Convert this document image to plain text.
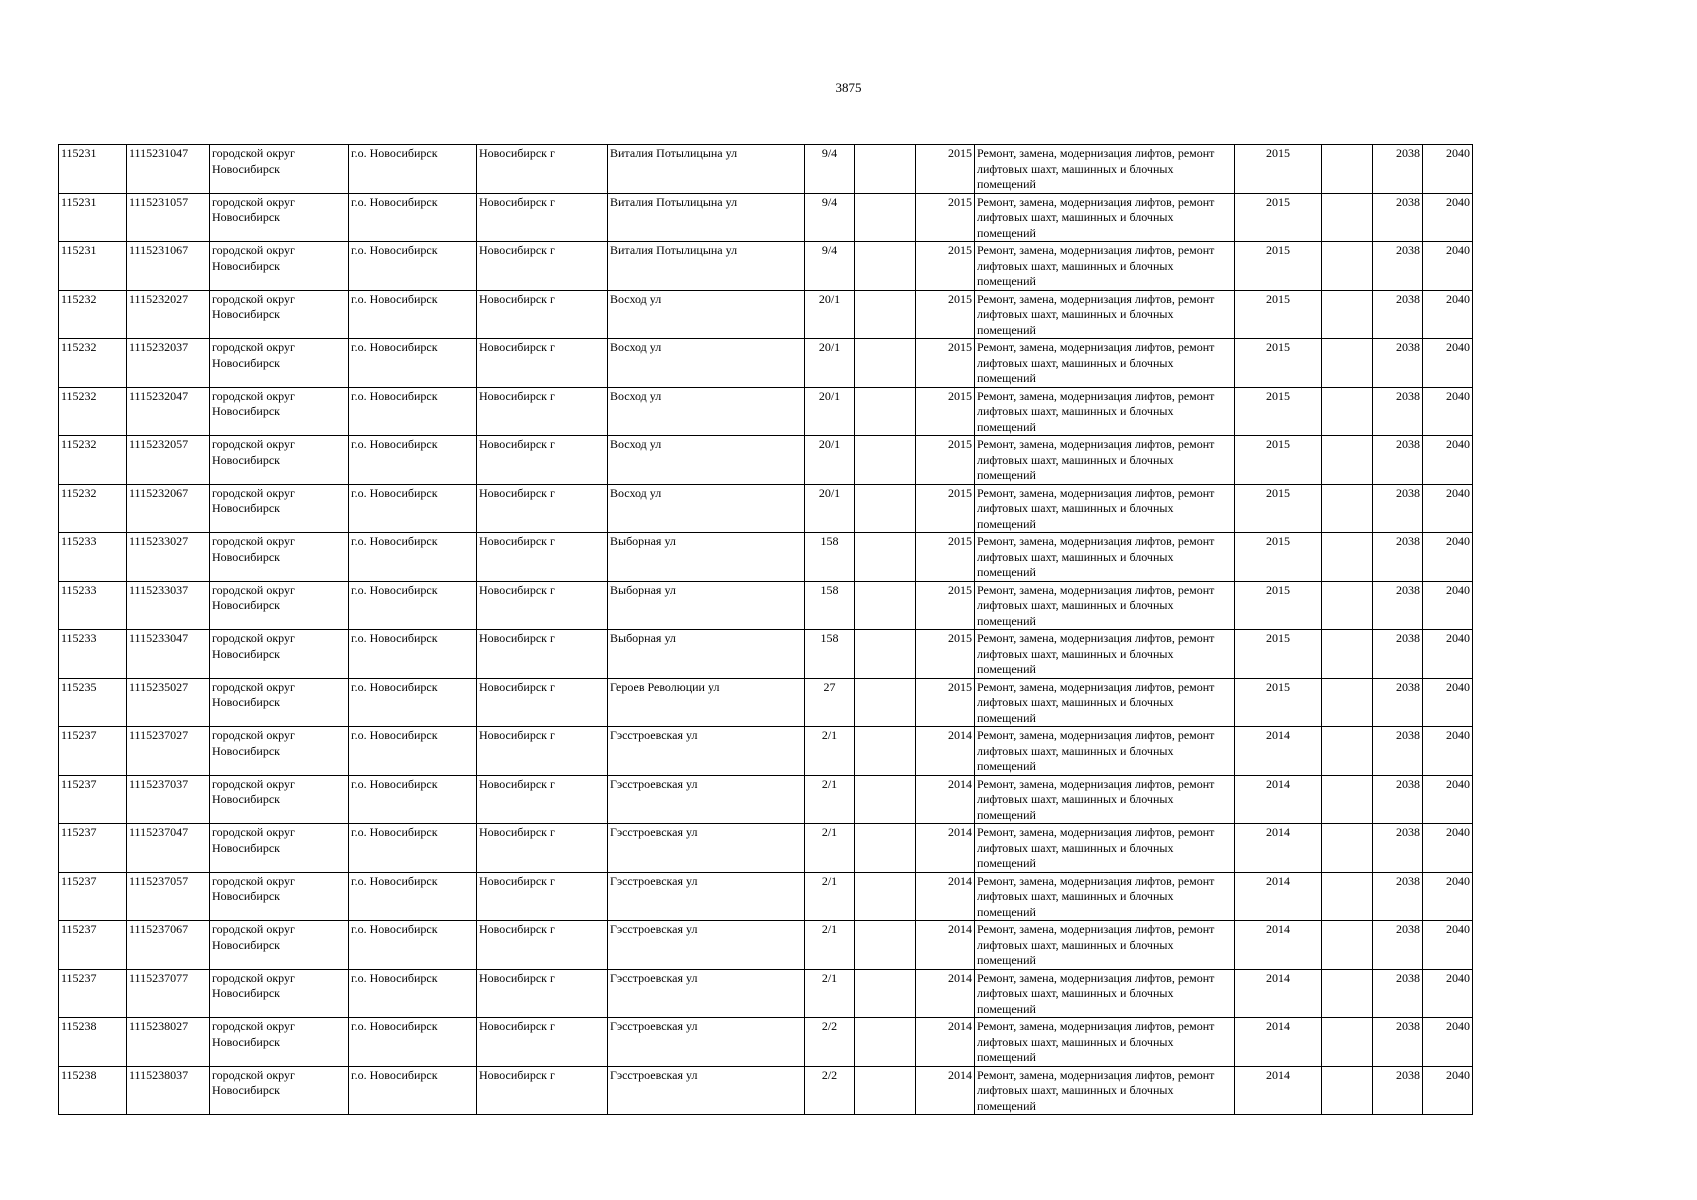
3875
115231	1115231047	городской округ Новосибирск	г.о. Новосибирск	Новосибирск г	Виталия Потылицына ул	9/4		2015	Ремонт, замена, модернизация лифтов, ремонт лифтовых шахт, машинных и блочных помещений	2015		2038	2040
115231	1115231057	городской округ Новосибирск	г.о. Новосибирск	Новосибирск г	Виталия Потылицына ул	9/4		2015	Ремонт, замена, модернизация лифтов, ремонт лифтовых шахт, машинных и блочных помещений	2015		2038	2040
115231	1115231067	городской округ Новосибирск	г.о. Новосибирск	Новосибирск г	Виталия Потылицына ул	9/4		2015	Ремонт, замена, модернизация лифтов, ремонт лифтовых шахт, машинных и блочных помещений	2015		2038	2040
115232	1115232027	городской округ Новосибирск	г.о. Новосибирск	Новосибирск г	Восход ул	20/1		2015	Ремонт, замена, модернизация лифтов, ремонт лифтовых шахт, машинных и блочных помещений	2015		2038	2040
115232	1115232037	городской округ Новосибирск	г.о. Новосибирск	Новосибирск г	Восход ул	20/1		2015	Ремонт, замена, модернизация лифтов, ремонт лифтовых шахт, машинных и блочных помещений	2015		2038	2040
115232	1115232047	городской округ Новосибирск	г.о. Новосибирск	Новосибирск г	Восход ул	20/1		2015	Ремонт, замена, модернизация лифтов, ремонт лифтовых шахт, машинных и блочных помещений	2015		2038	2040
115232	1115232057	городской округ Новосибирск	г.о. Новосибирск	Новосибирск г	Восход ул	20/1		2015	Ремонт, замена, модернизация лифтов, ремонт лифтовых шахт, машинных и блочных помещений	2015		2038	2040
115232	1115232067	городской округ Новосибирск	г.о. Новосибирск	Новосибирск г	Восход ул	20/1		2015	Ремонт, замена, модернизация лифтов, ремонт лифтовых шахт, машинных и блочных помещений	2015		2038	2040
115233	1115233027	городской округ Новосибирск	г.о. Новосибирск	Новосибирск г	Выборная ул	158		2015	Ремонт, замена, модернизация лифтов, ремонт лифтовых шахт, машинных и блочных помещений	2015		2038	2040
115233	1115233037	городской округ Новосибирск	г.о. Новосибирск	Новосибирск г	Выборная ул	158		2015	Ремонт, замена, модернизация лифтов, ремонт лифтовых шахт, машинных и блочных помещений	2015		2038	2040
115233	1115233047	городской округ Новосибирск	г.о. Новосибирск	Новосибирск г	Выборная ул	158		2015	Ремонт, замена, модернизация лифтов, ремонт лифтовых шахт, машинных и блочных помещений	2015		2038	2040
115235	1115235027	городской округ Новосибирск	г.о. Новосибирск	Новосибирск г	Героев Революции ул	27		2015	Ремонт, замена, модернизация лифтов, ремонт лифтовых шахт, машинных и блочных помещений	2015		2038	2040
115237	1115237027	городской округ Новосибирск	г.о. Новосибирск	Новосибирск г	Гэсстроевская ул	2/1		2014	Ремонт, замена, модернизация лифтов, ремонт лифтовых шахт, машинных и блочных помещений	2014		2038	2040
115237	1115237037	городской округ Новосибирск	г.о. Новосибирск	Новосибирск г	Гэсстроевская ул	2/1		2014	Ремонт, замена, модернизация лифтов, ремонт лифтовых шахт, машинных и блочных помещений	2014		2038	2040
115237	1115237047	городской округ Новосибирск	г.о. Новосибирск	Новосибирск г	Гэсстроевская ул	2/1		2014	Ремонт, замена, модернизация лифтов, ремонт лифтовых шахт, машинных и блочных помещений	2014		2038	2040
115237	1115237057	городской округ Новосибирск	г.о. Новосибирск	Новосибирск г	Гэсстроевская ул	2/1		2014	Ремонт, замена, модернизация лифтов, ремонт лифтовых шахт, машинных и блочных помещений	2014		2038	2040
115237	1115237067	городской округ Новосибирск	г.о. Новосибирск	Новосибирск г	Гэсстроевская ул	2/1		2014	Ремонт, замена, модернизация лифтов, ремонт лифтовых шахт, машинных и блочных помещений	2014		2038	2040
115237	1115237077	городской округ Новосибирск	г.о. Новосибирск	Новосибирск г	Гэсстроевская ул	2/1		2014	Ремонт, замена, модернизация лифтов, ремонт лифтовых шахт, машинных и блочных помещений	2014		2038	2040
115238	1115238027	городской округ Новосибирск	г.о. Новосибирск	Новосибирск г	Гэсстроевская ул	2/2		2014	Ремонт, замена, модернизация лифтов, ремонт лифтовых шахт, машинных и блочных помещений	2014		2038	2040
115238	1115238037	городской округ Новосибирск	г.о. Новосибирск	Новосибирск г	Гэсстроевская ул	2/2		2014	Ремонт, замена, модернизация лифтов, ремонт лифтовых шахт, машинных и блочных помещений	2014		2038	2040
